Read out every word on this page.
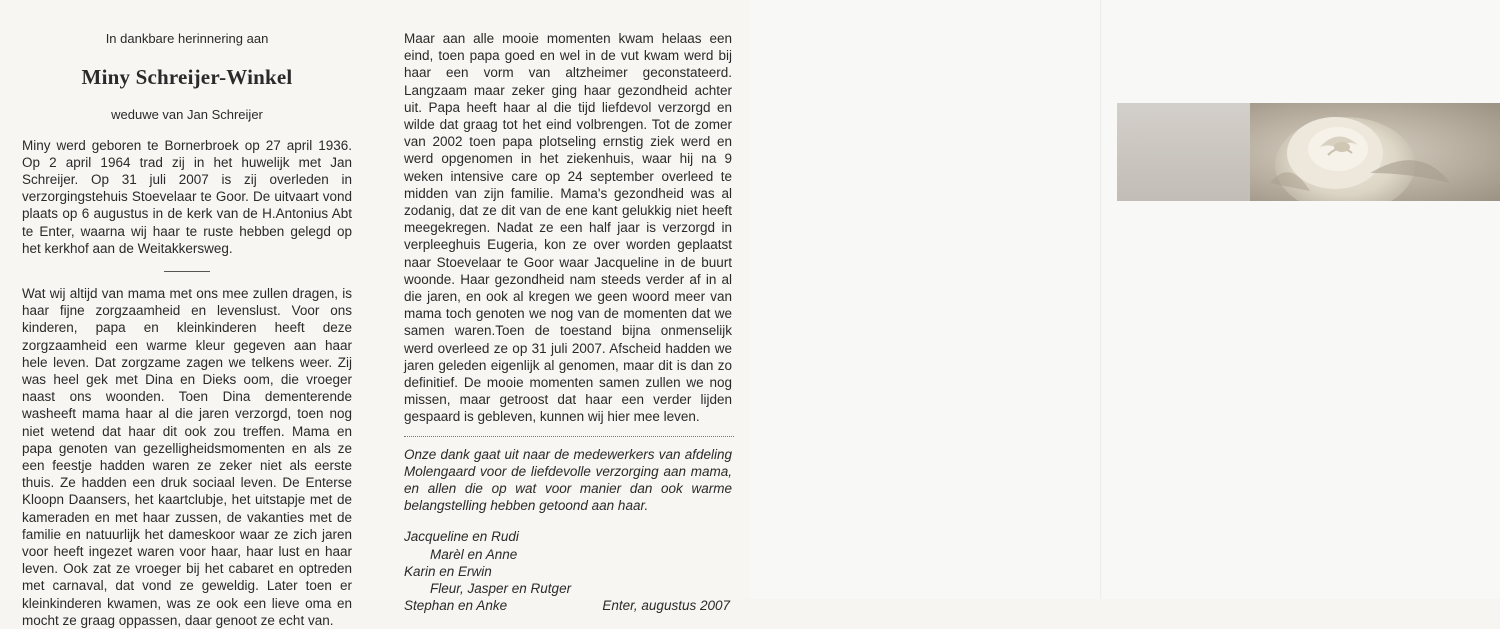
In dankbare herinnering aan

Miny Schreijer-Winkel

weduwe van Jan Schreijer

Miny werd geboren te Bornerbroek op 27 april 1936. Op 2 april 1964 trad zij in het huwelijk met Jan Schreijer. Op 31 juli 2007 is zij overleden in verzorgingstehuis Stoevelaar te Goor. De uitvaart vond plaats op 6 augustus in de kerk van de H.Antonius Abt te Enter, waarna wij haar te ruste hebben gelegd op het kerkhof aan de Weitakkersweg.

Wat wij altijd van mama met ons mee zullen dragen, is haar fijne zorgzaamheid en levenslust. Voor ons kinderen, papa en kleinkinderen heeft deze zorgzaamheid een warme kleur gegeven aan haar hele leven. Dat zorgzame zagen we telkens weer. Zij was heel gek met Dina en Dieks oom, die vroeger naast ons woonden. Toen Dina dementerende washeeft mama haar al die jaren verzorgd, toen nog niet wetend dat haar dit ook zou treffen. Mama en papa genoten van gezelligheidsmomenten en als ze een feestje hadden waren ze zeker niet als eerste thuis. Ze hadden een druk sociaal leven. De Enterse Kloopn Daansers, het kaartclubje, het uitstapje met de kameraden en met haar zussen, de vakanties met de familie en natuurlijk het dameskoor waar ze zich jaren voor heeft ingezet waren voor haar, haar lust en haar leven. Ook zat ze vroeger bij het cabaret en optreden met carnaval, dat vond ze geweldig. Later toen er kleinkinderen kwamen, was ze ook een lieve oma en mocht ze graag oppassen, daar genoot ze echt van.

Maar aan alle mooie momenten kwam helaas een eind, toen papa goed en wel in de vut kwam werd bij haar een vorm van altzheimer geconstateerd. Langzaam maar zeker ging haar gezondheid achter uit. Papa heeft haar al die tijd liefdevol verzorgd en wilde dat graag tot het eind volbrengen. Tot de zomer van 2002 toen papa plotseling ernstig ziek werd en werd opgenomen in het ziekenhuis, waar hij na 9 weken intensive care op 24 september overleed te midden van zijn familie. Mama's gezondheid was al zodanig, dat ze dit van de ene kant gelukkig niet heeft meegekregen. Nadat ze een half jaar is verzorgd in verpleeghuis Eugeria, kon ze over worden geplaatst naar Stoevelaar te Goor waar Jacqueline in de buurt woonde. Haar gezondheid nam steeds verder af in al die jaren, en ook al kregen we geen woord meer van mama toch genoten we nog van de momenten dat we samen waren.Toen de toestand bijna onmenselijk werd overleed ze op 31 juli 2007. Afscheid hadden we jaren geleden eigenlijk al genomen, maar dit is dan zo definitief. De mooie momenten samen zullen we nog missen, maar getroost dat haar een verder lijden gespaard is gebleven, kunnen wij hier mee leven.

Onze dank gaat uit naar de medewerkers van afdeling Molengaard voor de liefdevolle verzorging aan mama, en allen die op wat voor manier dan ook warme belangstelling hebben getoond aan haar.

Jacqueline en Rudi
Marèl en Anne
Karin en Erwin
Fleur, Jasper en Rutger
Stephan en Anke	Enter, augustus 2007
